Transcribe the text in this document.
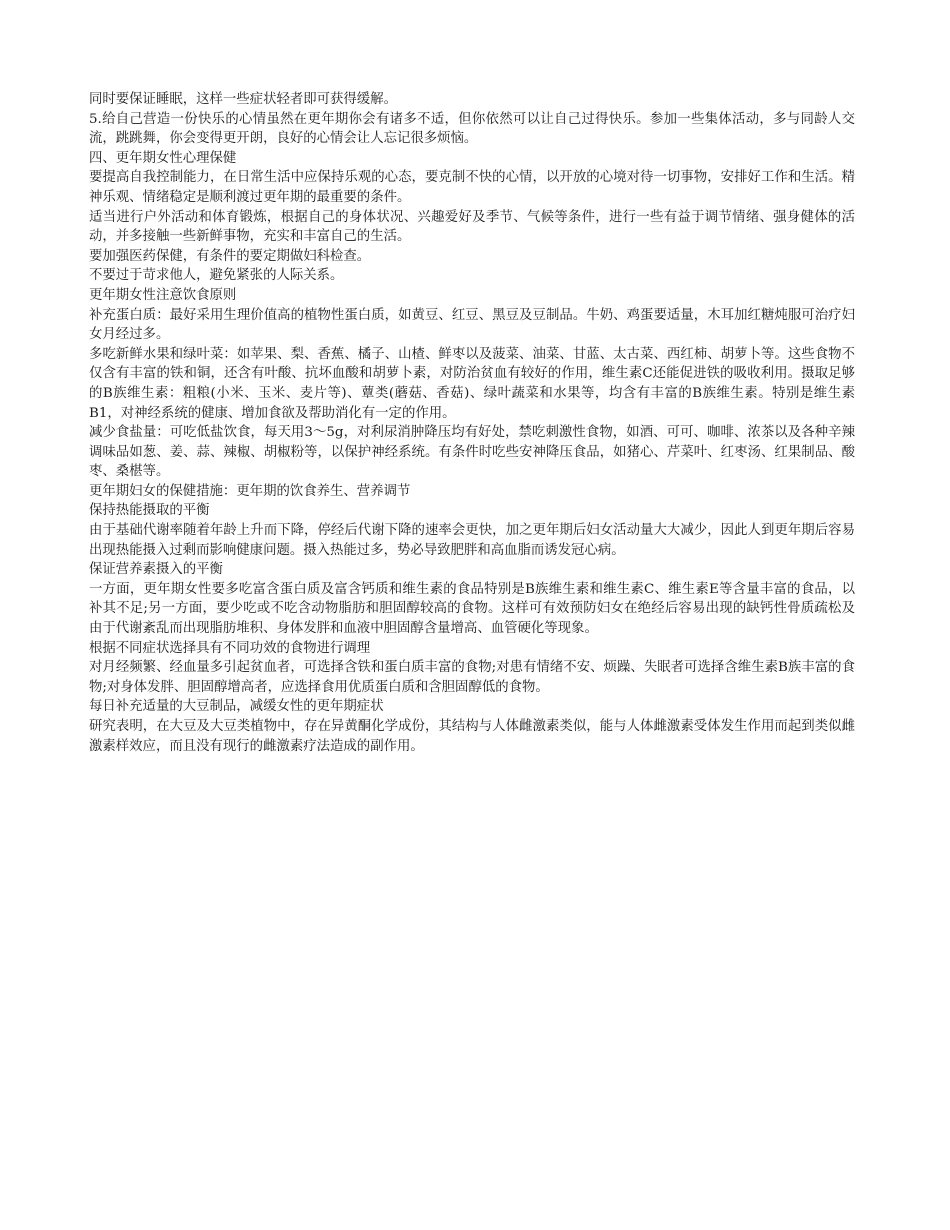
同时要保证睡眠，这样一些症状轻者即可获得缓解。

5.给自己营造一份快乐的心情虽然在更年期你会有诸多不适，但你依然可以让自己过得快乐。参加一些集体活动，多与同龄人交流，跳跳舞，你会变得更开朗，良好的心情会让人忘记很多烦恼。

四、更年期女性心理保健

要提高自我控制能力，在日常生活中应保持乐观的心态，要克制不快的心情，以开放的心境对待一切事物，安排好工作和生活。精神乐观、情绪稳定是顺利渡过更年期的最重要的条件。

适当进行户外活动和体育锻炼，根据自己的身体状况、兴趣爱好及季节、气候等条件，进行一些有益于调节情绪、强身健体的活动，并多接触一些新鲜事物，充实和丰富自己的生活。

要加强医药保健，有条件的要定期做妇科检查。

不要过于苛求他人，避免紧张的人际关系。

更年期女性注意饮食原则

补充蛋白质：最好采用生理价值高的植物性蛋白质，如黄豆、红豆、黑豆及豆制品。牛奶、鸡蛋要适量，木耳加红糖炖服可治疗妇女月经过多。

多吃新鲜水果和绿叶菜：如苹果、梨、香蕉、橘子、山楂、鲜枣以及菠菜、油菜、甘蓝、太古菜、西红柿、胡萝卜等。这些食物不仅含有丰富的铁和铜，还含有叶酸、抗坏血酸和胡萝卜素，对防治贫血有较好的作用，维生素C还能促进铁的吸收利用。摄取足够的B族维生素：粗粮(小米、玉米、麦片等)、蕈类(蘑菇、香菇)、绿叶蔬菜和水果等，均含有丰富的B族维生素。特别是维生素B1，对神经系统的健康、增加食欲及帮助消化有一定的作用。

减少食盐量：可吃低盐饮食，每天用3～5g，对利尿消肿降压均有好处，禁吃刺激性食物，如酒、可可、咖啡、浓茶以及各种辛辣调味品如葱、姜、蒜、辣椒、胡椒粉等，以保护神经系统。有条件时吃些安神降压食品，如猪心、芹菜叶、红枣汤、红果制品、酸枣、桑椹等。

更年期妇女的保健措施：更年期的饮食养生、营养调节

保持热能摄取的平衡

由于基础代谢率随着年龄上升而下降，停经后代谢下降的速率会更快，加之更年期后妇女活动量大大减少，因此人到更年期后容易出现热能摄入过剩而影响健康问题。摄入热能过多，势必导致肥胖和高血脂而诱发冠心病。

保证营养素摄入的平衡

一方面，更年期女性要多吃富含蛋白质及富含钙质和维生素的食品特别是B族维生素和维生素C、维生素E等含量丰富的食品，以补其不足;另一方面，要少吃或不吃含动物脂肪和胆固醇较高的食物。这样可有效预防妇女在绝经后容易出现的缺钙性骨质疏松及由于代谢紊乱而出现脂肪堆积、身体发胖和血液中胆固醇含量增高、血管硬化等现象。

根据不同症状选择具有不同功效的食物进行调理

对月经频繁、经血量多引起贫血者，可选择含铁和蛋白质丰富的食物;对患有情绪不安、烦躁、失眠者可选择含维生素B族丰富的食物;对身体发胖、胆固醇增高者，应选择食用优质蛋白质和含胆固醇低的食物。

每日补充适量的大豆制品，减缓女性的更年期症状

研究表明，在大豆及大豆类植物中，存在异黄酮化学成份，其结构与人体雌激素类似，能与人体雌激素受体发生作用而起到类似雌激素样效应，而且没有现行的雌激素疗法造成的副作用。
